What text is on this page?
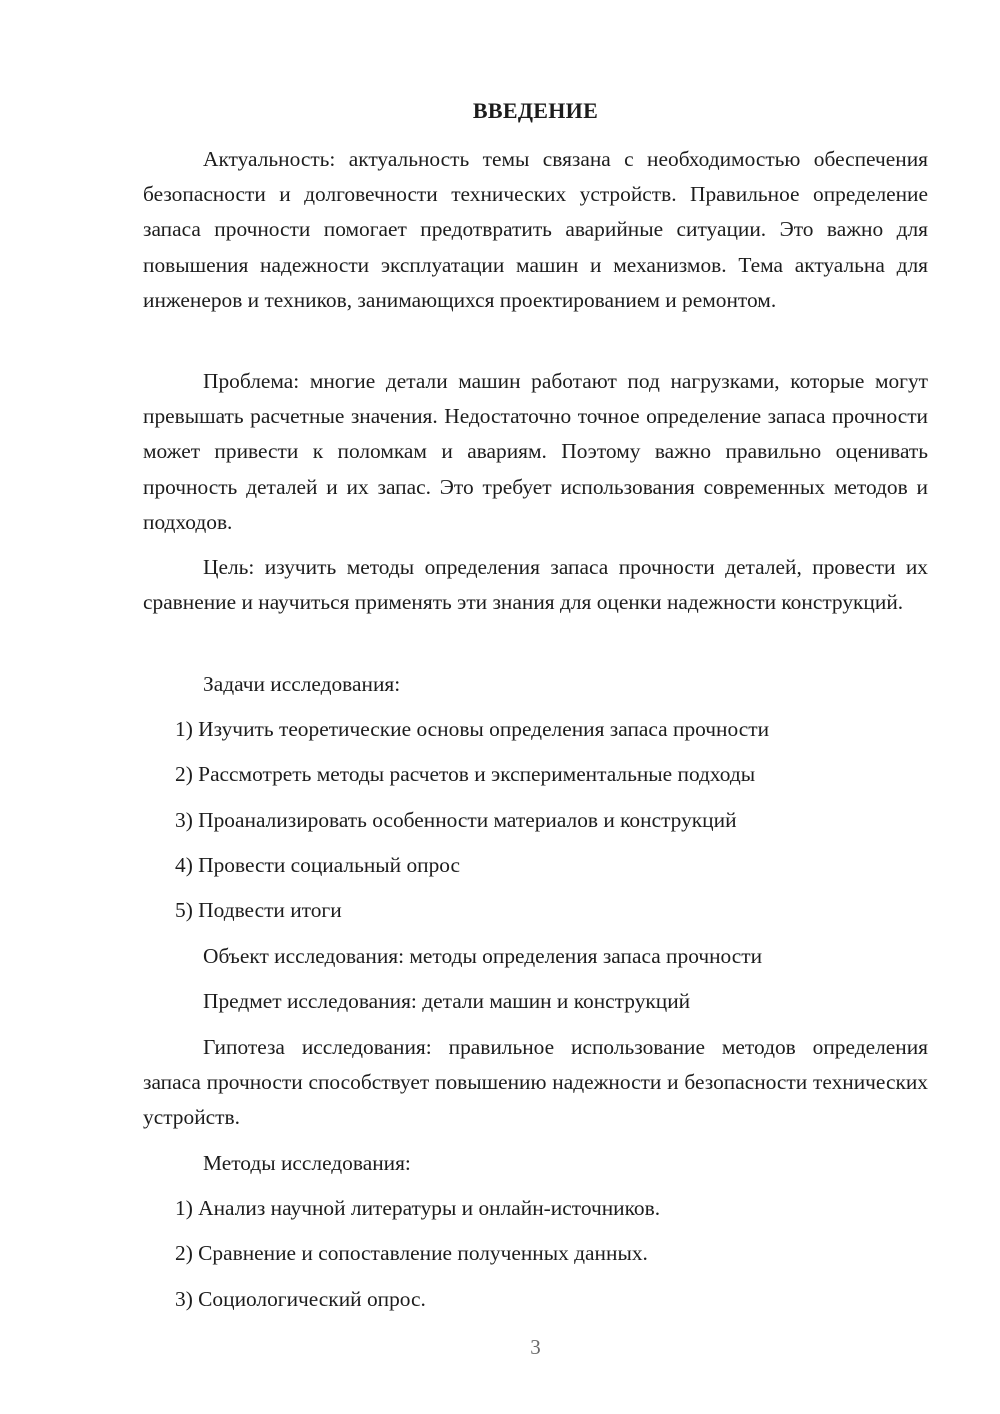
ВВЕДЕНИЕ

Актуальность: актуальность темы связана с необходимостью обеспечения безопасности и долговечности технических устройств. Правильное определение запаса прочности помогает предотвратить аварийные ситуации. Это важно для повышения надежности эксплуатации машин и механизмов. Тема актуальна для инженеров и техников, занимающихся проектированием и ремонтом.

Проблема: многие детали машин работают под нагрузками, которые могут превышать расчетные значения. Недостаточно точное определение запаса прочности может привести к поломкам и авариям. Поэтому важно правильно оценивать прочность деталей и их запас. Это требует использования современных методов и подходов.

Цель: изучить методы определения запаса прочности деталей, провести их сравнение и научиться применять эти знания для оценки надежности конструкций.

Задачи исследования:

1) Изучить теоретические основы определения запаса прочности

2) Рассмотреть методы расчетов и экспериментальные подходы

3) Проанализировать особенности материалов и конструкций

4) Провести социальный опрос

5) Подвести итоги

Объект исследования: методы определения запаса прочности

Предмет исследования: детали машин и конструкций

Гипотеза исследования: правильное использование методов определения запаса прочности способствует повышению надежности и безопасности технических устройств.

Методы исследования:

1) Анализ научной литературы и онлайн-источников.

2) Сравнение и сопоставление полученных данных.

3) Социологический опрос.

3
